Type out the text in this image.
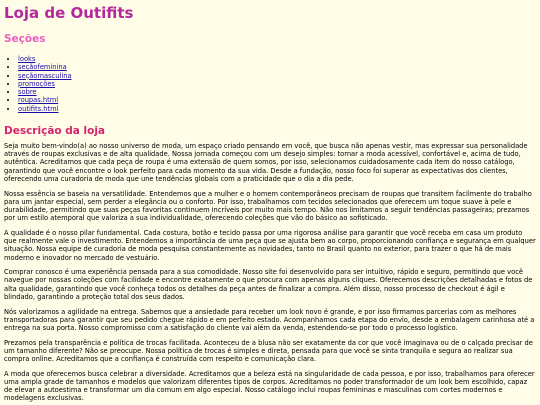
Loja de Outifits
Seções
• looks
• seçãofeminina
• seçãomasculina
• promoções
• sobre
• roupas.html
• outifits.html
Descrição da loja

Seja muito bem-vindo(a) ao nosso universo de moda, um espaço criado pensando em você, que busca não apenas vestir, mas expressar sua personalidade através de roupas exclusivas e de alta qualidade. Nossa jornada começou com um desejo simples: tornar a moda acessível, confortável e, acima de tudo, autêntica. Acreditamos que cada peça de roupa é uma extensão de quem somos, por isso, selecionamos cuidadosamente cada item do nosso catálogo, garantindo que você encontre o look perfeito para cada momento da sua vida. Desde a fundação, nosso foco foi superar as expectativas dos clientes, oferecendo uma curadoria de moda que une tendências globais com a praticidade que o dia a dia pede.

Nossa essência se baseia na versatilidade. Entendemos que a mulher e o homem contemporâneos precisam de roupas que transitem facilmente do trabalho para um jantar especial, sem perder a elegância ou o conforto. Por isso, trabalhamos com tecidos selecionados que oferecem um toque suave à pele e durabilidade, permitindo que suas peças favoritas continuem incríveis por muito mais tempo. Não nos limitamos a seguir tendências passageiras; prezamos por um estilo atemporal que valoriza a sua individualidade, oferecendo coleções que vão do básico ao sofisticado.

A qualidade é o nosso pilar fundamental. Cada costura, botão e tecido passa por uma rigorosa análise para garantir que você receba em casa um produto que realmente vale o investimento. Entendemos a importância de uma peça que se ajusta bem ao corpo, proporcionando confiança e segurança em qualquer situação. Nossa equipe de curadoria de moda pesquisa constantemente as novidades, tanto no Brasil quanto no exterior, para trazer o que há de mais moderno e inovador no mercado de vestuário.

Comprar conosco é uma experiência pensada para a sua comodidade. Nosso site foi desenvolvido para ser intuitivo, rápido e seguro, permitindo que você navegue por nossas coleções com facilidade e encontre exatamente o que procura com apenas alguns cliques. Oferecemos descrições detalhadas e fotos de alta qualidade, garantindo que você conheça todos os detalhes da peça antes de finalizar a compra. Além disso, nosso processo de checkout é ágil e blindado, garantindo a proteção total dos seus dados.

Nós valorizamos a agilidade na entrega. Sabemos que a ansiedade para receber um look novo é grande, e por isso firmamos parcerias com as melhores transportadoras para garantir que seu pedido chegue rápido e em perfeito estado. Acompanhamos cada etapa do envio, desde a embalagem carinhosa até a entrega na sua porta. Nosso compromisso com a satisfação do cliente vai além da venda, estendendo-se por todo o processo logístico.

Prezamos pela transparência e política de trocas facilitada. Aconteceu de a blusa não ser exatamente da cor que você imaginava ou de o calçado precisar de um tamanho diferente? Não se preocupe. Nossa política de trocas é simples e direta, pensada para que você se sinta tranquila e segura ao realizar sua compra online. Acreditamos que a confiança é construída com respeito e comunicação clara.

A moda que oferecemos busca celebrar a diversidade. Acreditamos que a beleza está na singularidade de cada pessoa, e por isso, trabalhamos para oferecer uma ampla grade de tamanhos e modelos que valorizam diferentes tipos de corpos. Acreditamos no poder transformador de um look bem escolhido, capaz de elevar a autoestima e transformar um dia comum em algo especial. Nosso catálogo inclui roupas femininas e masculinas com cortes modernos e modelagens exclusivas.
